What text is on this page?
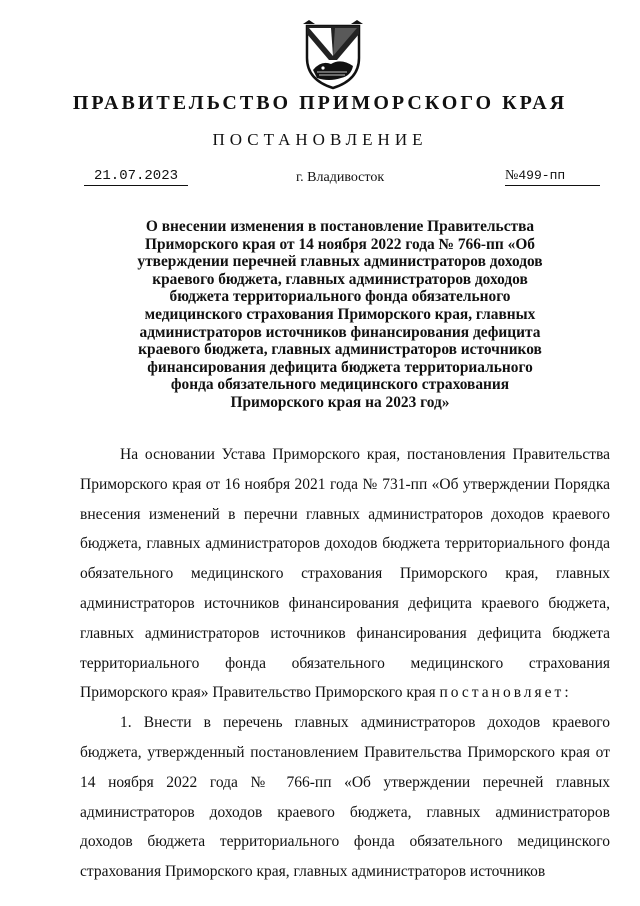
ПРАВИТЕЛЬСТВО ПРИМОРСКОГО КРАЯ
ПОСТАНОВЛЕНИЕ
21.07.2023	г. Владивосток	№499-пп
О внесении изменения в постановление Правительства Приморского края от 14 ноября 2022 года № 766-пп «Об утверждении перечней главных администраторов доходов краевого бюджета, главных администраторов доходов бюджета территориального фонда обязательного медицинского страхования Приморского края, главных администраторов источников финансирования дефицита краевого бюджета, главных администраторов источников финансирования дефицита бюджета территориального фонда обязательного медицинского страхования Приморского края на 2023 год»

На основании Устава Приморского края, постановления Правительства Приморского края от 16 ноября 2021 года № 731-пп «Об утверждении Порядка внесения изменений в перечни главных администраторов доходов краевого бюджета, главных администраторов доходов бюджета территориального фонда обязательного медицинского страхования Приморского края, главных администраторов источников финансирования дефицита краевого бюджета, главных администраторов источников финансирования дефицита бюджета территориального фонда обязательного медицинского страхования Приморского края» Правительство Приморского края постановляет:

1. Внести в перечень главных администраторов доходов краевого бюджета, утвержденный постановлением Правительства Приморского края от 14 ноября 2022 года № 766-пп «Об утверждении перечней главных администраторов доходов краевого бюджета, главных администраторов доходов бюджета территориального фонда обязательного медицинского страхования Приморского края, главных администраторов источников
